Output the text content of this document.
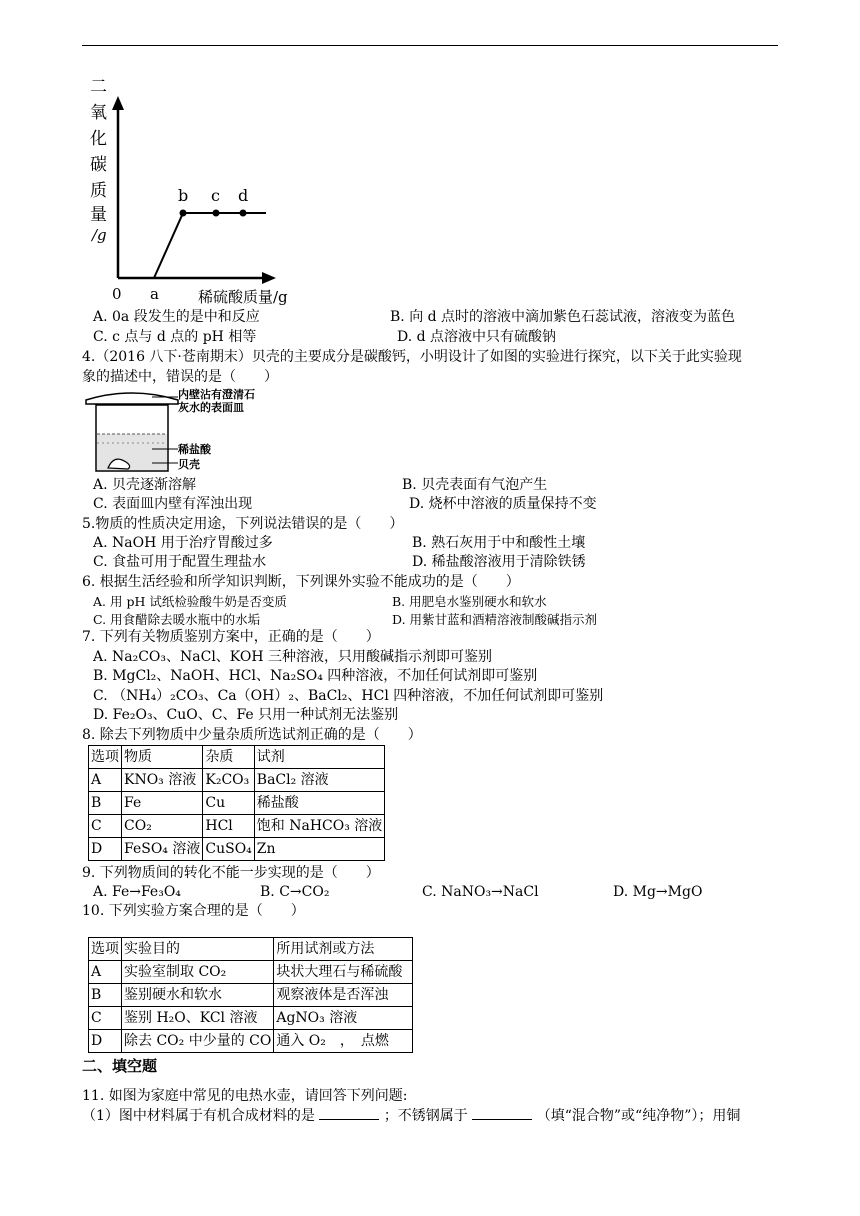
二
氧
化
碳
质
量
/g
0 a
b c d
稀硫酸质量/g
A. 0a 段发生的是中和反应	B. 向 d 点时的溶液中滴加紫色石蕊试液，溶液变为蓝色
C. c 点与 d 点的 pH 相等	D. d 点溶液中只有硫酸钠
4.（2016 八下·苍南期末）贝壳的主要成分是碳酸钙，小明设计了如图的实验进行探究，以下关于此实验现
象的描述中，错误的是（　　）
内壁沾有澄清石
灰水的表面皿
稀盐酸
贝壳
A. 贝壳逐渐溶解	B. 贝壳表面有气泡产生
C. 表面皿内壁有浑浊出现	D. 烧杯中溶液的质量保持不变
5.物质的性质决定用途，下列说法错误的是（　　）
A. NaOH 用于治疗胃酸过多	B. 熟石灰用于中和酸性土壤
C. 食盐可用于配置生理盐水	D. 稀盐酸溶液用于清除铁锈
6. 根据生活经验和所学知识判断，下列课外实验不能成功的是（　　）
A. 用 pH 试纸检验酸牛奶是否变质	B. 用肥皂水鉴别硬水和软水
C. 用食醋除去暖水瓶中的水垢	D. 用紫甘蓝和酒精溶液制酸碱指示剂
7. 下列有关物质鉴别方案中，正确的是（　　）
A. Na₂CO₃、NaCl、KOH 三种溶液，只用酸碱指示剂即可鉴别
B. MgCl₂、NaOH、HCl、Na₂SO₄ 四种溶液，不加任何试剂即可鉴别
C. （NH₄）₂CO₃、Ca（OH）₂、BaCl₂、HCl 四种溶液，不加任何试剂即可鉴别
D. Fe₂O₃、CuO、C、Fe 只用一种试剂无法鉴别
8. 除去下列物质中少量杂质所选试剂正确的是（　　）
选项	物质	杂质	试剂
A	KNO₃ 溶液	K₂CO₃	BaCl₂ 溶液
B	Fe	Cu	稀盐酸
C	CO₂	HCl	饱和 NaHCO₃ 溶液
D	FeSO₄ 溶液	CuSO₄	Zn
9. 下列物质间的转化不能一步实现的是（　　）
A. Fe→Fe₃O₄	B. C→CO₂	C. NaNO₃→NaCl	D. Mg→MgO
10. 下列实验方案合理的是（　　）
选项	实验目的	所用试剂或方法
A	实验室制取 CO₂	块状大理石与稀硫酸
B	鉴别硬水和软水	观察液体是否浑浊
C	鉴别 H₂O、KCl 溶液	AgNO₃ 溶液
D	除去 CO₂ 中少量的 CO	通入 O₂　，　点燃
二、填空题
11. 如图为家庭中常见的电热水壶，请回答下列问题:
（1）图中材料属于有机合成材料的是	；不锈钢属于	（填“混合物”或“纯净物”）；用铜
